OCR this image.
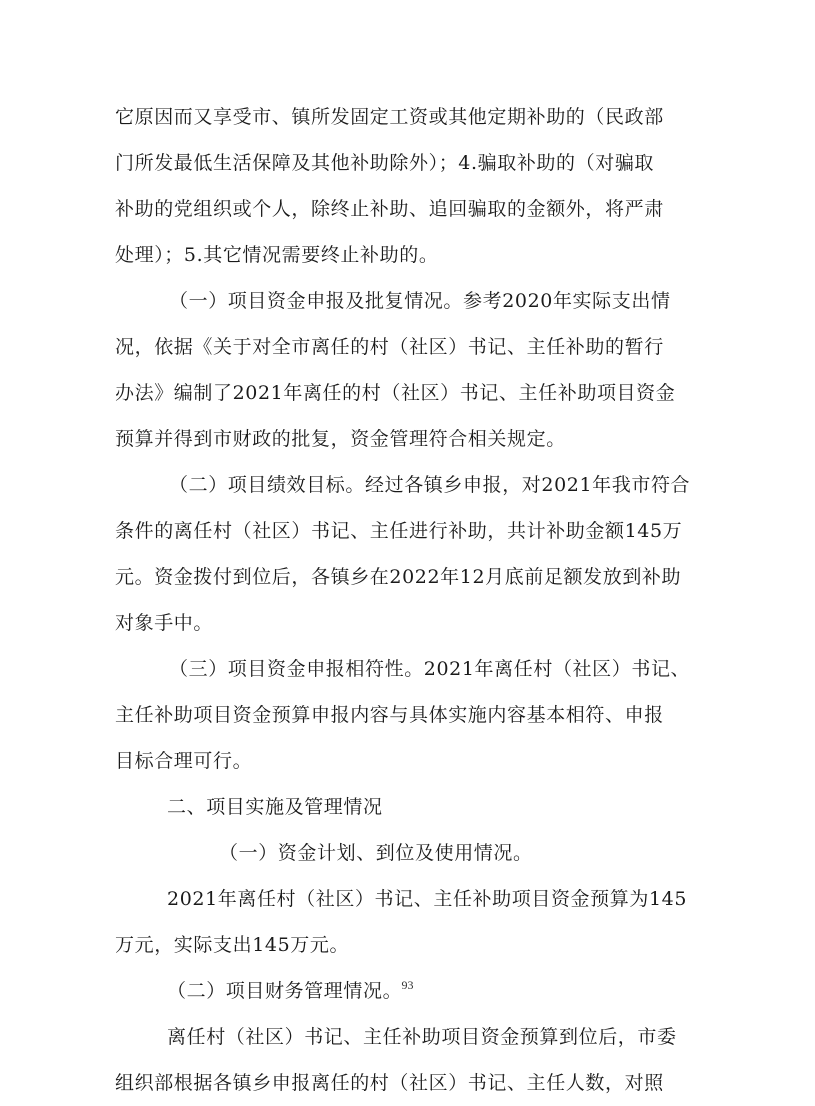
它原因而又享受市、镇所发固定工资或其他定期补助的（民政部
门所发最低生活保障及其他补助除外）；4.骗取补助的（对骗取
补助的党组织或个人，除终止补助、追回骗取的金额外，将严肃
处理）；5.其它情况需要终止补助的。
（一）项目资金申报及批复情况。参考2020年实际支出情
况，依据《关于对全市离任的村（社区）书记、主任补助的暂行
办法》编制了2021年离任的村（社区）书记、主任补助项目资金
预算并得到市财政的批复，资金管理符合相关规定。
（二）项目绩效目标。经过各镇乡申报，对2021年我市符合
条件的离任村（社区）书记、主任进行补助，共计补助金额145万
元。资金拨付到位后，各镇乡在2022年12月底前足额发放到补助
对象手中。
（三）项目资金申报相符性。2021年离任村（社区）书记、
主任补助项目资金预算申报内容与具体实施内容基本相符、申报
目标合理可行。
二、项目实施及管理情况
（一）资金计划、到位及使用情况。
2021年离任村（社区）书记、主任补助项目资金预算为145
万元，实际支出145万元。
（二）项目财务管理情况。
离任村（社区）书记、主任补助项目资金预算到位后，市委
组织部根据各镇乡申报离任的村（社区）书记、主任人数，对照
93
